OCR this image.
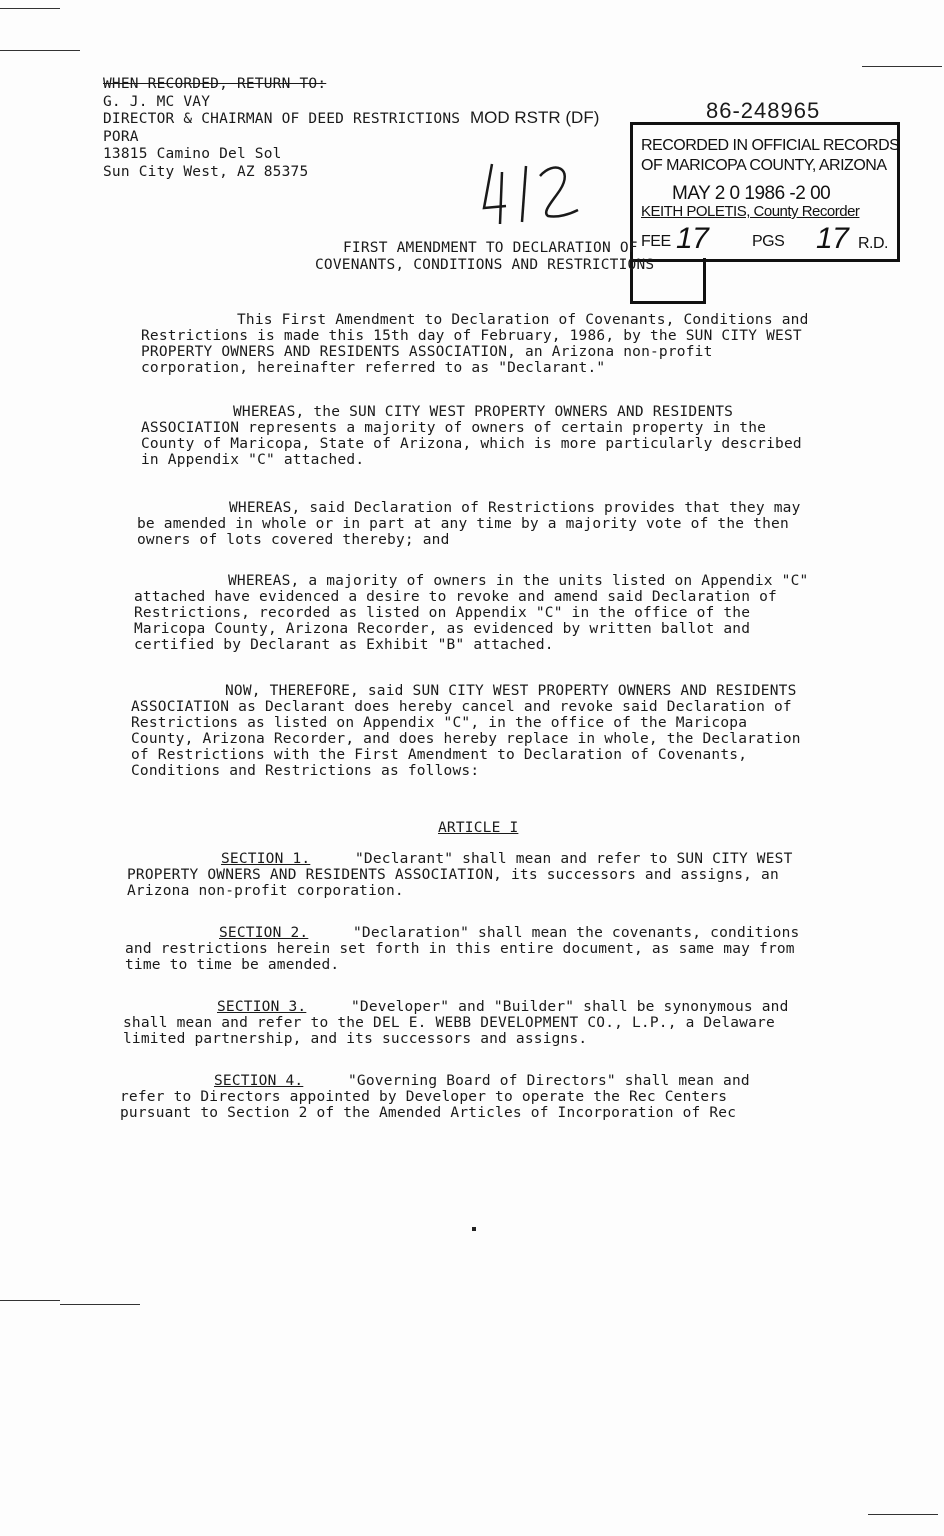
WHEN RECORDED, RETURN TO:
G. J. MC VAY
DIRECTOR & CHAIRMAN OF DEED RESTRICTIONS
PORA
13815 Camino Del Sol
Sun City West, AZ 85375
MOD RSTR (DF)	86-248965
RECORDED IN OFFICIAL RECORDS
OF MARICOPA COUNTY, ARIZONA
MAY 2 0 1986 -2 00
KEITH POLETIS, County Recorder
FEE 17	PGS 17 R.D.
FIRST AMENDMENT TO DECLARATION OF
COVENANTS, CONDITIONS AND RESTRICTIONS
This First Amendment to Declaration of Covenants, Conditions and
Restrictions is made this 15th day of February, 1986, by the SUN CITY WEST
PROPERTY OWNERS AND RESIDENTS ASSOCIATION, an Arizona non-profit
corporation, hereinafter referred to as "Declarant."
WHEREAS, the SUN CITY WEST PROPERTY OWNERS AND RESIDENTS
ASSOCIATION represents a majority of owners of certain property in the
County of Maricopa, State of Arizona, which is more particularly described
in Appendix "C" attached.
WHEREAS, said Declaration of Restrictions provides that they may
be amended in whole or in part at any time by a majority vote of the then
owners of lots covered thereby; and
WHEREAS, a majority of owners in the units listed on Appendix "C"
attached have evidenced a desire to revoke and amend said Declaration of
Restrictions, recorded as listed on Appendix "C" in the office of the
Maricopa County, Arizona Recorder, as evidenced by written ballot and
certified by Declarant as Exhibit "B" attached.
NOW, THEREFORE, said SUN CITY WEST PROPERTY OWNERS AND RESIDENTS
ASSOCIATION as Declarant does hereby cancel and revoke said Declaration of
Restrictions as listed on Appendix "C", in the office of the Maricopa
County, Arizona Recorder, and does hereby replace in whole, the Declaration
of Restrictions with the First Amendment to Declaration of Covenants,
Conditions and Restrictions as follows:
ARTICLE I
SECTION 1.	"Declarant" shall mean and refer to SUN CITY WEST
PROPERTY OWNERS AND RESIDENTS ASSOCIATION, its successors and assigns, an
Arizona non-profit corporation.
SECTION 2.	"Declaration" shall mean the covenants, conditions
and restrictions herein set forth in this entire document, as same may from
time to time be amended.
SECTION 3.	"Developer" and "Builder" shall be synonymous and
shall mean and refer to the DEL E. WEBB DEVELOPMENT CO., L.P., a Delaware
limited partnership, and its successors and assigns.
SECTION 4.	"Governing Board of Directors" shall mean and
refer to Directors appointed by Developer to operate the Rec Centers
pursuant to Section 2 of the Amended Articles of Incorporation of Rec
